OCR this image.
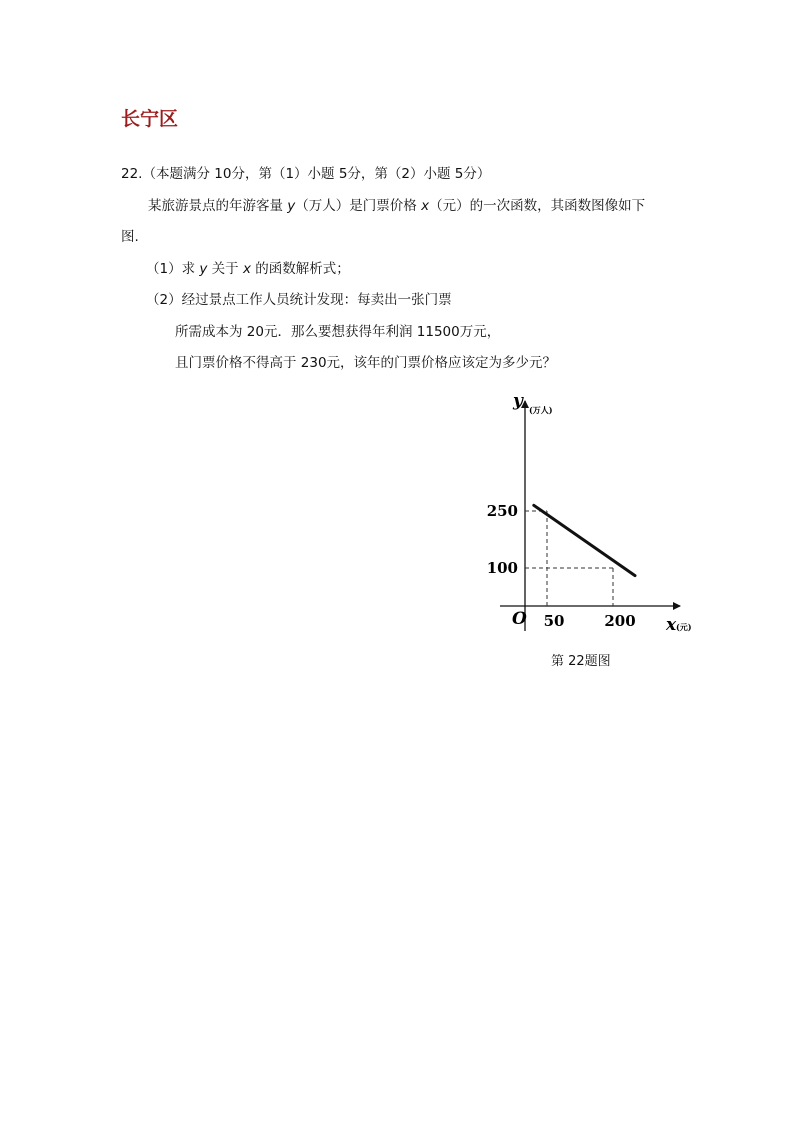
长宁区
22.（本题满分 10分，第（1）小题 5分，第（2）小题 5分）
某旅游景点的年游客量 y（万人）是门票价格 x（元）的一次函数，其函数图像如下
图.
（1）求 y 关于 x 的函数解析式；
（2）经过景点工作人员统计发现：每卖出一张门票
所需成本为 20元．那么要想获得年利润 11500万元，
且门票价格不得高于 230元，该年的门票价格应该定为多少元？
250
100
50	200
O
y (万人)
x (元)
第 22题图
